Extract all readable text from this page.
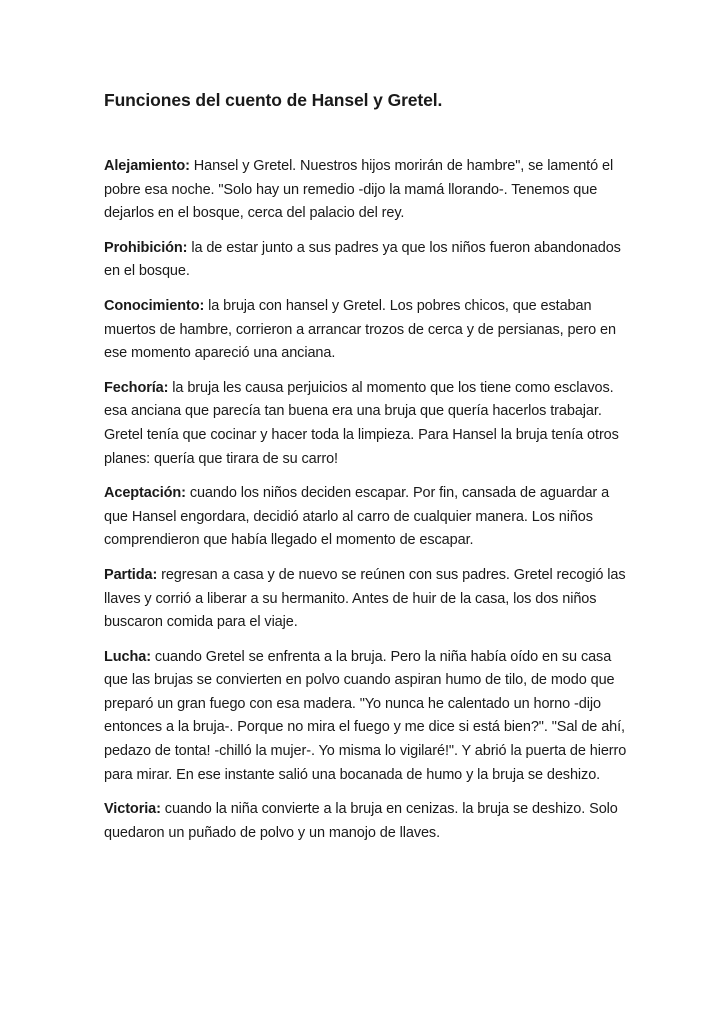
Funciones del cuento de Hansel y Gretel.

Alejamiento: Hansel y Gretel. Nuestros hijos morirán de hambre", se lamentó el pobre esa noche. "Solo hay un remedio -dijo la mamá llorando-. Tenemos que dejarlos en el bosque, cerca del palacio del rey.

Prohibición: la de estar junto a sus padres ya que los niños fueron abandonados en el bosque.

Conocimiento: la bruja con hansel y Gretel. Los pobres chicos, que estaban muertos de hambre, corrieron a arrancar trozos de cerca y de persianas, pero en ese momento apareció una anciana.

Fechoría: la bruja les causa perjuicios al momento que los tiene como esclavos. esa anciana que parecía tan buena era una bruja que quería hacerlos trabajar. Gretel tenía que cocinar y hacer toda la limpieza. Para Hansel la bruja tenía otros planes: quería que tirara de su carro!

Aceptación: cuando los niños deciden escapar. Por fin, cansada de aguardar a que Hansel engordara, decidió atarlo al carro de cualquier manera. Los niños comprendieron que había llegado el momento de escapar.

Partida: regresan a casa y de nuevo se reúnen con sus padres. Gretel recogió las llaves y corrió a liberar a su hermanito. Antes de huir de la casa, los dos niños buscaron comida para el viaje.

Lucha: cuando Gretel se enfrenta a la bruja. Pero la niña había oído en su casa que las brujas se convierten en polvo cuando aspiran humo de tilo, de modo que preparó un gran fuego con esa madera. "Yo nunca he calentado un horno -dijo entonces a la bruja-. Porque no mira el fuego y me dice si está bien?". "Sal de ahí, pedazo de tonta! -chilló la mujer-. Yo misma lo vigilaré!". Y abrió la puerta de hierro para mirar. En ese instante salió una bocanada de humo y la bruja se deshizo.

Victoria: cuando la niña convierte a la bruja en cenizas. la bruja se deshizo. Solo quedaron un puñado de polvo y un manojo de llaves.
